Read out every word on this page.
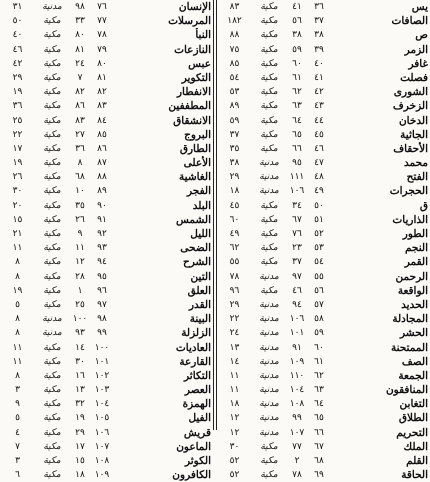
يس
٣٦
٤١
مكية
٨٣
الصافات
٣٧
٥٦
مكية
١٨٢
ص
٣٨
٣٨
مكية
٨٨
الزمر
٣٩
٥٩
مكية
٧٥
غافر
٤٠
٦٠
مكية
٨٥
فصلت
٤١
٦١
مكية
٥٤
الشورى
٤٢
٦٢
مكية
٥٣
الزخرف
٤٣
٦٣
مكية
٨٩
الدخان
٤٤
٦٤
مكية
٥٩
الجاثية
٤٥
٦٥
مكية
٣٧
الأحقاف
٤٦
٦٦
مكية
٣٥
محمد
٤٧
٩٥
مدنية
٣٨
الفتح
٤٨
١١١
مدنية
٢٩
الحجرات
٤٩
١٠٦
مدنية
١٨
ق
٥٠
٣٤
مكية
٤٥
الذاريات
٥١
٦٧
مكية
٦٠
الطور
٥٢
٧٦
مكية
٤٩
النجم
٥٣
٢٣
مكية
٦٢
القمر
٥٤
٣٧
مكية
٥٥
الرحمن
٥٥
٩٧
مدنية
٧٨
الواقعة
٥٦
٤٦
مكية
٩٦
الحديد
٥٧
٩٤
مدنية
٢٩
المجادلة
٥٨
١٠٦
مدنية
٢٢
الحشر
٥٩
١٠١
مدنية
٢٤
الممتحنة
٦٠
٩١
مدنية
١٣
الصف
٦١
١٠٩
مدنية
١٤
الجمعة
٦٢
١١٠
مدنية
١١
المنافقون
٦٣
١٠٤
مدنية
١١
التغابن
٦٤
١٠٨
مدنية
١٨
الطلاق
٦٥
٩٩
مدنية
١٢
التحريم
٦٦
١٠٧
مدنية
١٢
الملك
٦٧
٧٧
مكية
٣٠
القلم
٦٨
٢
مكية
٥٢
الحاقة
٦٩
٧٨
مكية
٥٢
الإنسان
٧٦
٩٨
مدنية
٣١
المرسلات
٧٧
٣٣
مكية
٥٠
النبأ
٧٨
٨٠
مكية
٤٠
النازعات
٧٩
٨١
مكية
٤٦
عبس
٨٠
٢٤
مكية
٤٢
التكوير
٨١
٧
مكية
٢٩
الانفطار
٨٢
٨٢
مكية
١٩
المطففين
٨٣
٨٦
مكية
٣٦
الانشقاق
٨٤
٨٣
مكية
٢٥
البروج
٨٥
٢٧
مكية
٢٢
الطارق
٨٦
٣٦
مكية
١٧
الأعلى
٨٧
٨
مكية
١٩
الغاشية
٨٨
٦٨
مكية
٢٦
الفجر
٨٩
١٠
مكية
٣٠
البلد
٩٠
٣٥
مكية
٢٠
الشمس
٩١
٢٦
مكية
١٥
الليل
٩٢
٩
مكية
٢١
الضحى
٩٣
١١
مكية
١١
الشرح
٩٤
١٢
مكية
٨
التين
٩٥
٢٨
مكية
٨
العلق
٩٦
١
مكية
١٩
القدر
٩٧
٢٥
مكية
٥
البينة
٩٨
١٠٠
مدنية
٨
الزلزلة
٩٩
٩٣
مدنية
٨
العاديات
١٠٠
١٤
مكية
١١
القارعة
١٠١
٣٠
مكية
١١
التكاثر
١٠٢
١٦
مكية
٨
العصر
١٠٣
١٣
مكية
٣
الهمزة
١٠٤
٣٢
مكية
٩
الفيل
١٠٥
١٩
مكية
٥
قريش
١٠٦
٢٩
مكية
٤
الماعون
١٠٧
١٧
مكية
٧
الكوثر
١٠٨
١٥
مكية
٣
الكافرون
١٠٩
١٨
مكية
٦
